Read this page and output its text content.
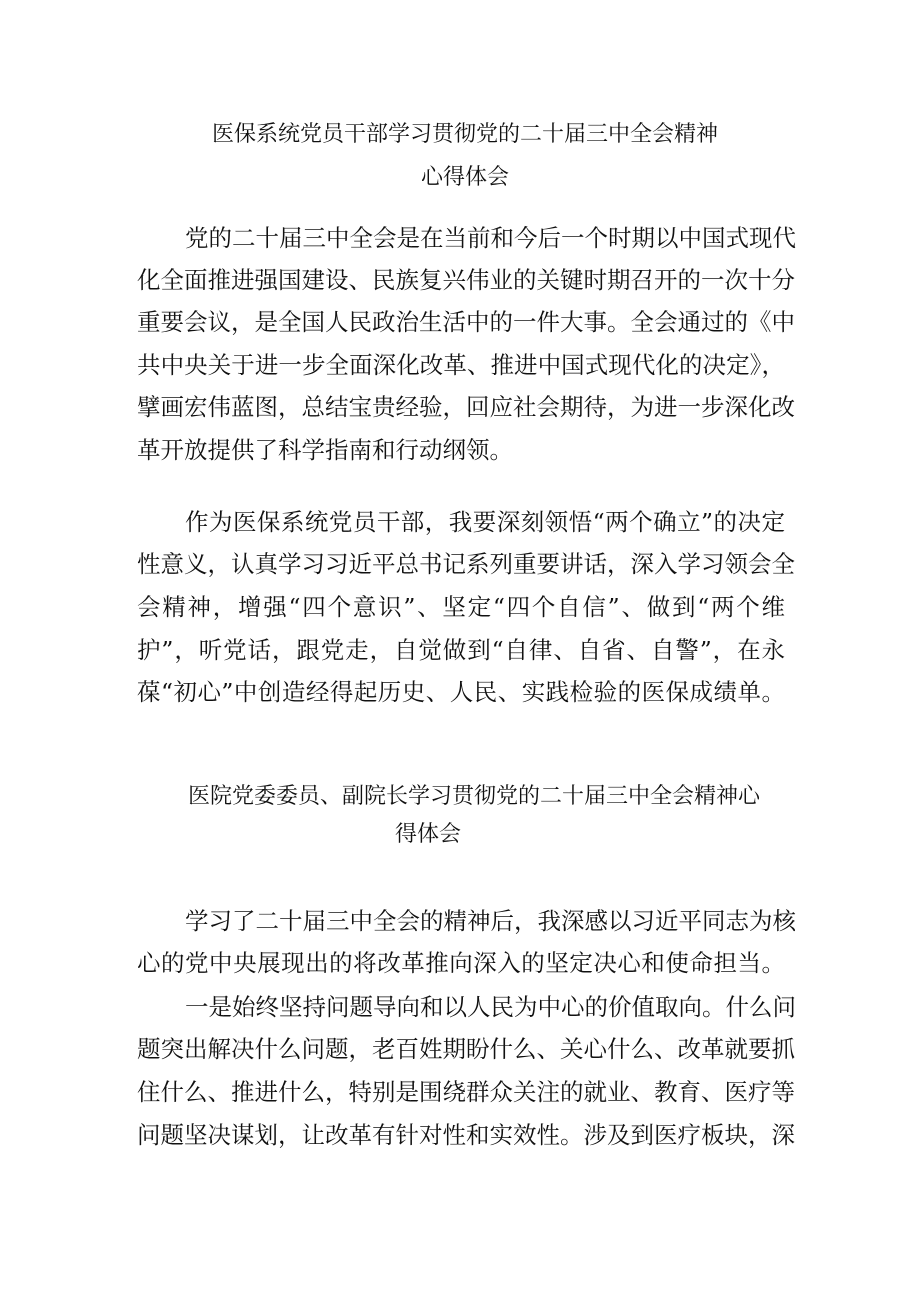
医保系统党员干部学习贯彻党的二十届三中全会精神
心得体会
党的二十届三中全会是在当前和今后一个时期以中国式现代
化全面推进强国建设、民族复兴伟业的关键时期召开的一次十分
重要会议，是全国人民政治生活中的一件大事。全会通过的《中
共中央关于进一步全面深化改革、推进中国式现代化的决定》，
擘画宏伟蓝图，总结宝贵经验，回应社会期待，为进一步深化改
革开放提供了科学指南和行动纲领。
作为医保系统党员干部，我要深刻领悟“两个确立”的决定
性意义，认真学习习近平总书记系列重要讲话，深入学习领会全
会精神，增强“四个意识”、坚定“四个自信”、做到“两个维
护”，听党话，跟党走，自觉做到“自律、自省、自警”，在永
葆“初心”中创造经得起历史、人民、实践检验的医保成绩单。
医院党委委员、副院长学习贯彻党的二十届三中全会精神心
得体会
学习了二十届三中全会的精神后，我深感以习近平同志为核
心的党中央展现出的将改革推向深入的坚定决心和使命担当。
一是始终坚持问题导向和以人民为中心的价值取向。什么问
题突出解决什么问题，老百姓期盼什么、关心什么、改革就要抓
住什么、推进什么，特别是围绕群众关注的就业、教育、医疗等
问题坚决谋划，让改革有针对性和实效性。涉及到医疗板块，深
